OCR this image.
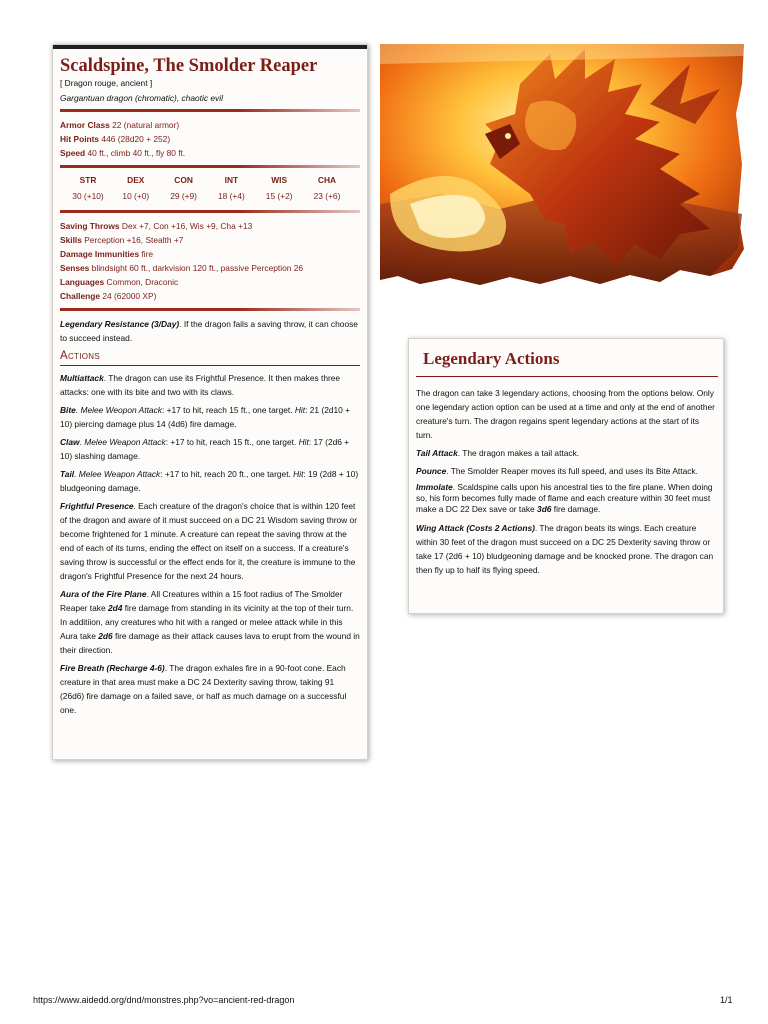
Scaldspine, The Smolder Reaper
[ Dragon rouge, ancient ]
Gargantuan dragon (chromatic), chaotic evil
Armor Class 22 (natural armor)
Hit Points 446 (28d20 + 252)
Speed 40 ft., climb 40 ft., fly 80 ft.
STR
30 (+10)
DEX
10 (+0)
CON
29 (+9)
INT
18 (+4)
WIS
15 (+2)
CHA
23 (+6)
Saving Throws Dex +7, Con +16, Wis +9, Cha +13
Skills Perception +16, Stealth +7
Damage Immunities fire
Senses blindsight 60 ft., darkvision 120 ft., passive Perception 26
Languages Common, Draconic
Challenge 24 (62000 XP)
Legendary Resistance (3/Day). If the dragon fails a saving throw, it can choose to succeed instead.
Actions
Multiattack. The dragon can use its Frightful Presence. It then makes three attacks: one with its bite and two with its claws.
Bite. Melee Weopon Attack: +17 to hit, reach 15 ft., one target. Hit: 21 (2d10 + 10) piercing damage plus 14 (4d6) fire damage.
Claw. Melee Weapon Attack: +17 to hit, reach 15 ft., one target. Hit: 17 (2d6 + 10) slashing damage.
Tail. Melee Weapon Attack: +17 to hit, reach 20 ft., one target. Hit: 19 (2d8 + 10) bludgeoning damage.
Frightful Presence. Each creature of the dragon's choice that is within 120 feet of the dragon and aware of it must succeed on a DC 21 Wisdom saving throw or become frightened for 1 minute. A creature can repeat the saving throw at the end of each of its turns, ending the effect on itself on a success. If a creature's saving throw is successful or the effect ends for it, the creature is immune to the dragon's Frightful Presence for the next 24 hours.
Aura of the Fire Plane. All Creatures within a 15 foot radius of The Smolder Reaper take 2d4 fire damage from standing in its vicinity at the top of their turn. In additiion, any creatures who hit with a ranged or melee attack while in this Aura take 2d6 fire damage as their attack causes lava to erupt from the wound in their direction.
Fire Breath (Recharge 4-6). The dragon exhales fire in a 90-foot cone. Each creature in that area must make a DC 24 Dexterity saving throw, taking 91 (26d6) fire damage on a failed save, or half as much damage on a successful one.
Legendary Actions
The dragon can take 3 legendary actions, choosing from the options below. Only one legendary action option can be used at a time and only at the end of another creature's turn. The dragon regains spent legendary actions at the start of its turn.
Tail Attack. The dragon makes a tail attack.
Pounce. The Smolder Reaper moves its full speed, and uses its Bite Attack.
Immolate. Scaldspine calls upon his ancestral ties to the fire plane. When doing so, his form becomes fully made of flame and each creature within 30 feet must make a DC 22 Dex save or take 3d6 fire damage.
Wing Attack (Costs 2 Actions). The dragon beats its wings. Each creature within 30 feet of the dragon must succeed on a DC 25 Dexterity saving throw or take 17 (2d6 + 10) bludgeoning damage and be knocked prone. The dragon can then fly up to half its flying speed.
https://www.aidedd.org/dnd/monstres.php?vo=ancient-red-dragon	1/1
